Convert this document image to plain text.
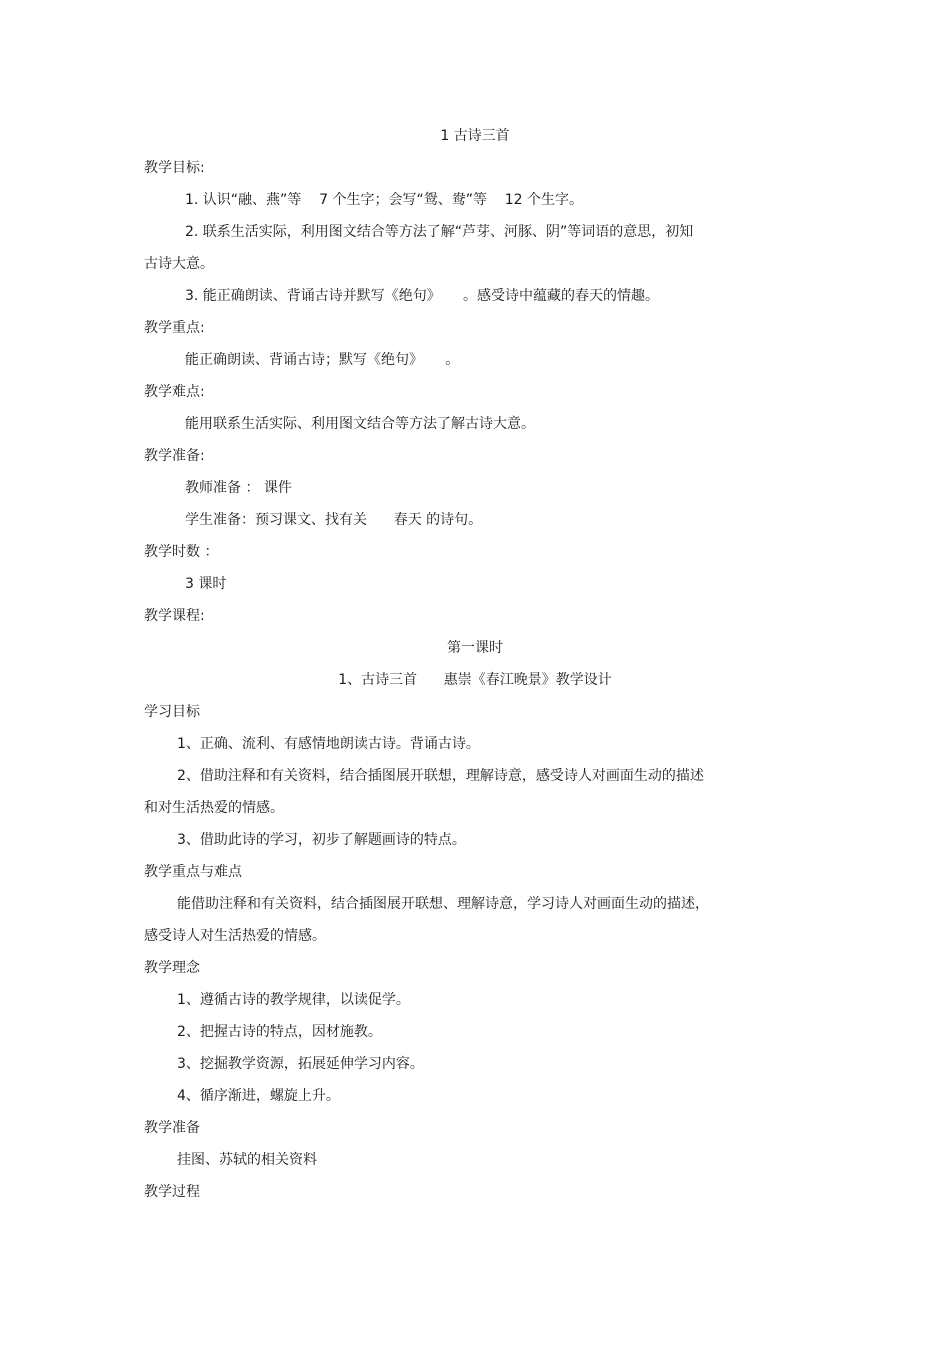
1 古诗三首
教学目标:
1. 认识“融、燕”等    7 个生字；会写“鸳、鸯”等    12 个生字。
2. 联系生活实际，利用图文结合等方法了解“芦芽、河豚、阴”等词语的意思，初知
古诗大意。
3. 能正确朗读、背诵古诗并默写《绝句》     。感受诗中蕴藏的春天的情趣。
教学重点:
能正确朗读、背诵古诗；默写《绝句》     。
教学难点:
能用联系生活实际、利用图文结合等方法了解古诗大意。
教学准备:
教师准备 ： 课件
学生准备：预习课文、找有关      春天 的诗句。
教学时数 ：
3 课时
教学课程:
第一课时
1、古诗三首      惠崇《春江晚景》教学设计
学习目标
1、正确、流利、有感情地朗读古诗。背诵古诗。
2、借助注释和有关资料，结合插图展开联想，理解诗意，感受诗人对画面生动的描述
和对生活热爱的情感。
3、借助此诗的学习，初步了解题画诗的特点。
教学重点与难点
能借助注释和有关资料，结合插图展开联想、理解诗意，学习诗人对画面生动的描述，
感受诗人对生活热爱的情感。
教学理念
1、遵循古诗的教学规律，以读促学。
2、把握古诗的特点，因材施教。
3、挖掘教学资源，拓展延伸学习内容。
4、循序渐进，螺旋上升。
教学准备
挂图、苏轼的相关资料
教学过程
